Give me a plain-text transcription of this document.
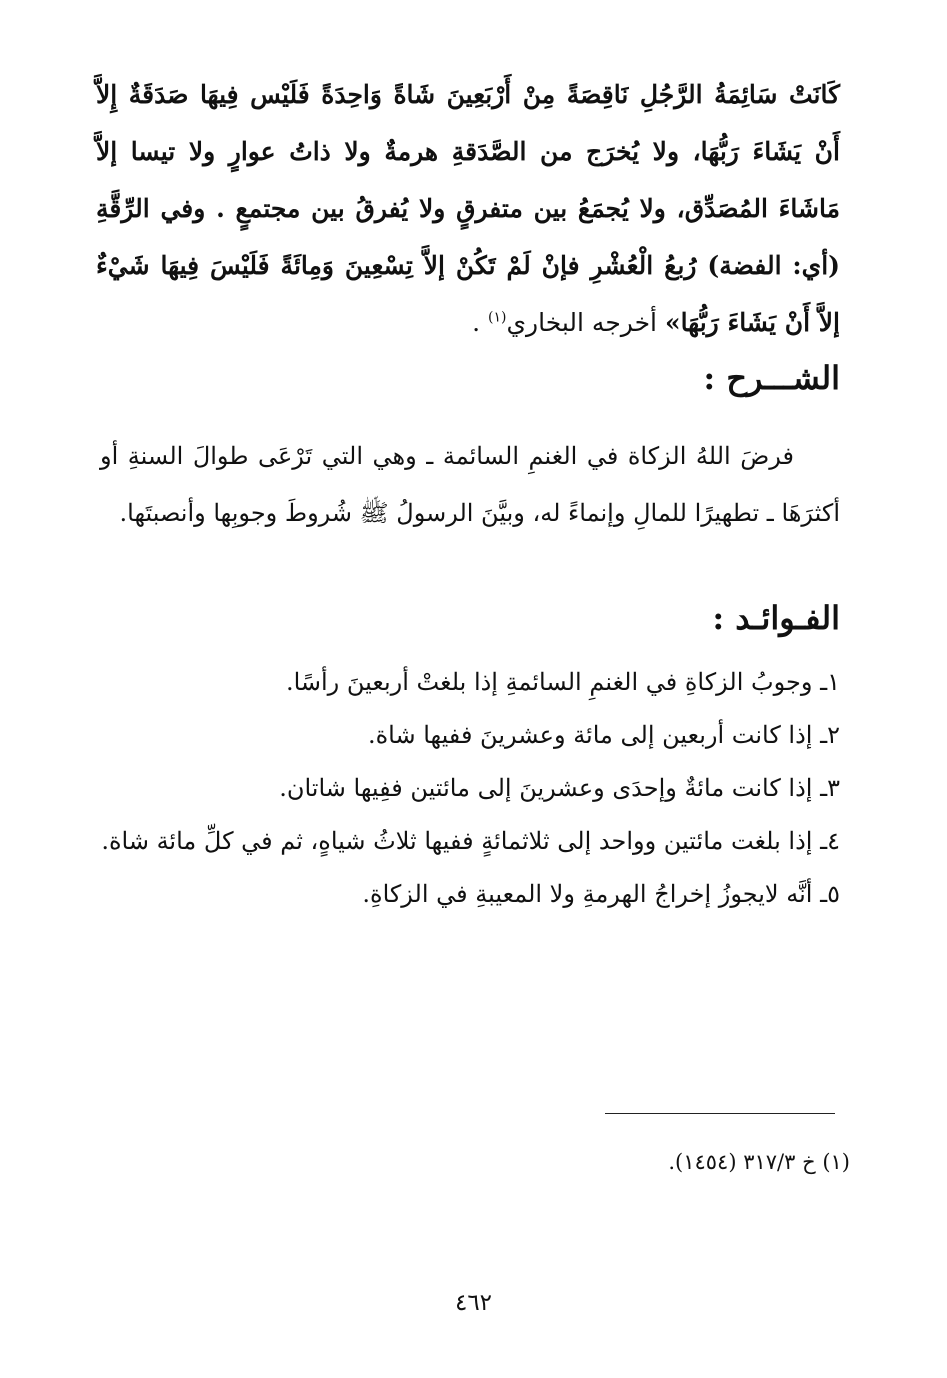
كَانَتْ سَائِمَةُ الرَّجُلِ نَاقِصَةً مِنْ أَرْبَعِينَ شَاةً وَاحِدَةً فَلَيْس فِيهَا صَدَقَةٌ إِلاَّ أَنْ يَشَاءَ رَبُّهَا، ولا يُخرَج من الصَّدَقةِ هرمةٌ ولا ذاتُ عوارٍ ولا تيسا إلاَّ مَاشَاءَ المُصَدِّق، ولا يُجمَعُ بين متفرقٍ ولا يُفرقُ بين مجتمعٍ . وفي الرِّقَّةِ (أي: الفضة) رُبعُ الْعُشْرِ فإنْ لَمْ تَكُنْ إلاَّ تِسْعِينَ وَمِائَةً فَلَيْسَ فِيهَا شَيْءٌ إلاَّ أَنْ يَشَاءَ رَبُّهَا» أخرجه البخاري$^{(١)}$ .

الشـــرح :

فرضَ اللهُ الزكاة في الغنمِ السائمة ـ وهي التي تَرْعَى طوالَ السنةِ أو أكثرَهَا ـ تطهيرًا للمالِ وإنماءً له، وبيَّنَ الرسولُ ﷺ شُروطَ وجوبِها وأنصبتَها.

الفـوائـد :
١ـ وجوبُ الزكاةِ في الغنمِ السائمةِ إذا بلغتْ أربعينَ رأسًا.
٢ـ إذا كانت أربعين إلى مائة وعشرينَ ففيها شاة.
٣ـ إذا كانت مائةٌ وإحدَى وعشرينَ إلى مائتين ففِيها شاتان.
٤ـ إذا بلغت مائتين وواحد إلى ثلاثمائةٍ ففيها ثلاثُ شياهٍ، ثم في كلِّ مائة شاة.
٥ـ أنَّه لايجوزُ إخراجُ الهرمةِ ولا المعيبةِ في الزكاةِ.
(١) خ ٣١٧/٣ (١٤٥٤).
٤٦٢
